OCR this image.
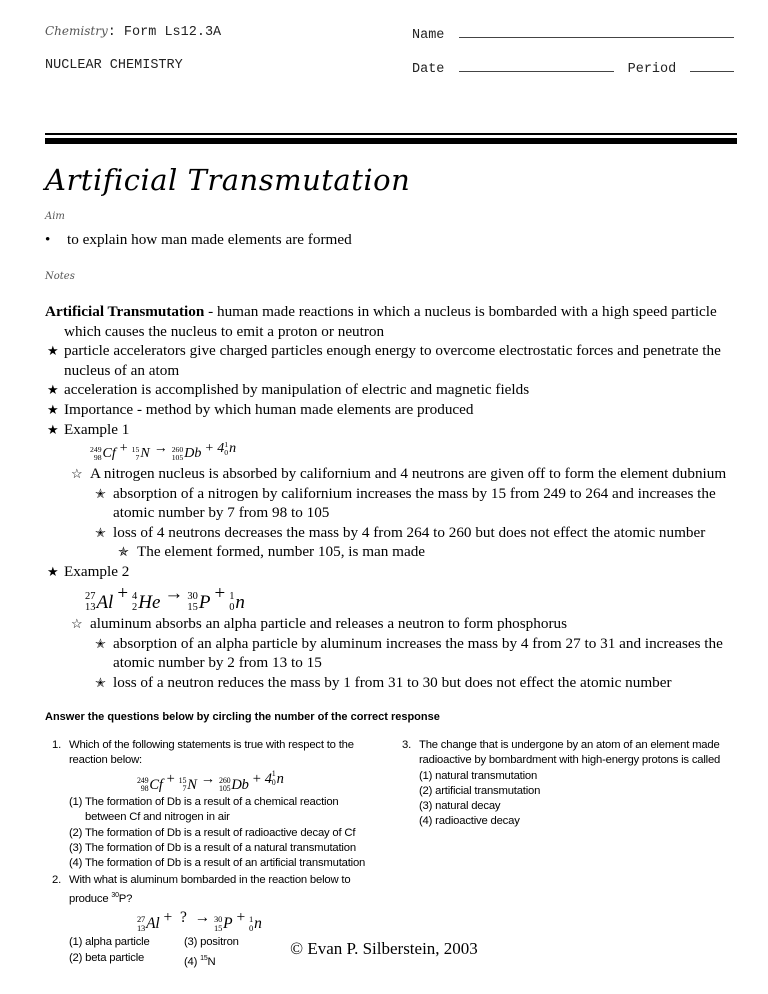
Chemistry: Form Ls12.3A	Name
NUCLEAR CHEMISTRY	Date	Period
Artificial Transmutation
Aim
• to explain how man made elements are formed
Notes
Artificial Transmutation - human made reactions in which a nucleus is bombarded with a high speed particle which causes the nucleus to emit a proton or neutron
★ particle accelerators give charged particles enough energy to overcome electrostatic forces and penetrate the nucleus of an atom
★ acceleration is accomplished by manipulation of electric and magnetic fields
★ Importance - method by which human made elements are produced
★ Example 1
249
98 Cf + 15
7 N → 260
105 Db + 4 1
0 n
☆ A nitrogen nucleus is absorbed by californium and 4 neutrons are given off to form the element dubnium
✭ absorption of a nitrogen by californium increases the mass by 15 from 249 to 264 and increases the atomic number by 7 from 98 to 105
✭ loss of 4 neutrons decreases the mass by 4 from 264 to 260 but does not effect the atomic number
✯ The element formed, number 105, is man made
★ Example 2
27
13 Al + 4
2 He → 30
15 P + 1
0 n
☆ aluminum absorbs an alpha particle and releases a neutron to form phosphorus
✭ absorption of an alpha particle by aluminum increases the mass by 4 from 27 to 31 and increases the atomic number by 2 from 13 to 15
✭ loss of a neutron reduces the mass by 1 from 31 to 30 but does not effect the atomic number
Answer the questions below by circling the number of the correct response
1. Which of the following statements is true with respect to the reaction below:
249
98 Cf + 15
7 N → 260
105 Db + 4 1
0 n
(1) The formation of Db is a result of a chemical reaction between Cf and nitrogen in air
(2) The formation of Db is a result of radioactive decay of Cf
(3) The formation of Db is a result of a natural transmutation
(4) The formation of Db is a result of an artificial transmutation
2. With what is aluminum bombarded in the reaction below to produce $^{30}$P?
27
13 Al + ? → 30
15 P + 1
0 n
(1) alpha particle	(3) positron
(2) beta particle	(4) $^{15}$N
3. The change that is undergone by an atom of an element made radioactive by bombardment with high-energy protons is called
(1) natural transmutation
(2) artificial transmutation
(3) natural decay
(4) radioactive decay
© Evan P. Silberstein, 2003
